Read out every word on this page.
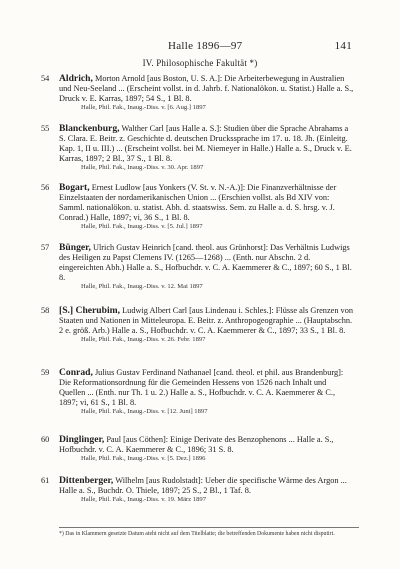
Halle 1896—97	141
IV. Philosophische Fakultät *)
54 Aldrich, Morton Arnold [aus Boston, U. S. A.]: Die Arbeiterbewegung in Australien und Neu-Seeland ... (Erscheint vollst. in d. Jahrb. f. Nationalökon. u. Statist.) Halle a. S., Druck v. E. Karras, 1897; 54 S., 1 Bl. 8.
Halle, Phil. Fak., Inaug.-Diss. v. [6. Aug.] 1897
55 Blanckenburg, Walther Carl [aus Halle a. S.]: Studien über die Sprache Abrahams a S. Clara. E. Beitr. z. Geschichte d. deutschen Druckssprache im 17. u. 18. Jh. (Einleitg. Kap. 1, II u. III.) ... (Erscheint vollst. bei M. Niemeyer in Halle.) Halle a. S., Druck v. E. Karras, 1897; 2 Bl., 37 S., 1 Bl. 8.
Halle, Phil. Fak., Inaug.-Diss. v. 30. Apr. 1897
56 Bogart, Ernest Ludlow [aus Yonkers (V. St. v. N.-A.)]: Die Finanzverhältnisse der Einzelstaaten der nordamerikanischen Union ... (Erschien vollst. als Bd XIV von: Samml. nationalökon. u. statist. Abh. d. staatswiss. Sem. zu Halle a. d. S. hrsg. v. J. Conrad.) Halle, 1897; vi, 36 S., 1 Bl. 8.
Halle, Phil. Fak., Inaug.-Diss. v. [5. Jul.] 1897
57 Bünger, Ulrich Gustav Heinrich [cand. theol. aus Grünhorst]: Das Verhältnis Ludwigs des Heiligen zu Papst Clemens IV. (1265—1268) ... (Enth. nur Abschn. 2 d. eingereichten Abh.) Halle a. S., Hofbuchdr. v. C. A. Kaemmerer & C., 1897; 60 S., 1 Bl. 8.
Halle, Phil. Fak., Inaug.-Diss. v. 12. Mai 1897
58 [S.] Cherubim, Ludwig Albert Carl [aus Lindenau i. Schles.]: Flüsse als Grenzen von Staaten und Nationen in Mitteleuropa. E. Beitr. z. Anthropogeographie ... (Hauptabschn. 2 e. größ. Arb.) Halle a. S., Hofbuchdr. v. C. A. Kaemmerer & C., 1897; 33 S., 1 Bl. 8.
Halle, Phil. Fak., Inaug.-Diss. v. 26. Febr. 1897
59 Conrad, Julius Gustav Ferdinand Nathanael [cand. theol. et phil. aus Brandenburg]: Die Reformationsordnung für die Gemeinden Hessens von 1526 nach Inhalt und Quellen ... (Enth. nur Th. 1 u. 2.) Halle a. S., Hofbuchdr. v. C. A. Kaemmerer & C., 1897; vi, 61 S., 1 Bl. 8.
Halle, Phil. Fak., Inaug.-Diss. v. [12. Juni] 1897
60 Dinglinger, Paul [aus Cöthen]: Einige Derivate des Benzophenons ... Halle a. S., Hofbuchdr. v. C. A. Kaemmerer & C., 1896; 31 S. 8.
Halle, Phil. Fak., Inaug.-Diss. v. [5. Dez.] 1896
61 Dittenberger, Wilhelm [aus Rudolstadt]: Ueber die specifische Wärme des Argon ... Halle a. S., Buchdr. O. Thiele, 1897; 25 S., 2 Bl., 1 Taf. 8.
Halle, Phil. Fak., Inaug.-Diss. v. 19. März 1897
*) Das in Klammern gesetzte Datum ateht nicht auf dem Titelblatte; die betreffenden Dokumente haben nicht disputirt.
